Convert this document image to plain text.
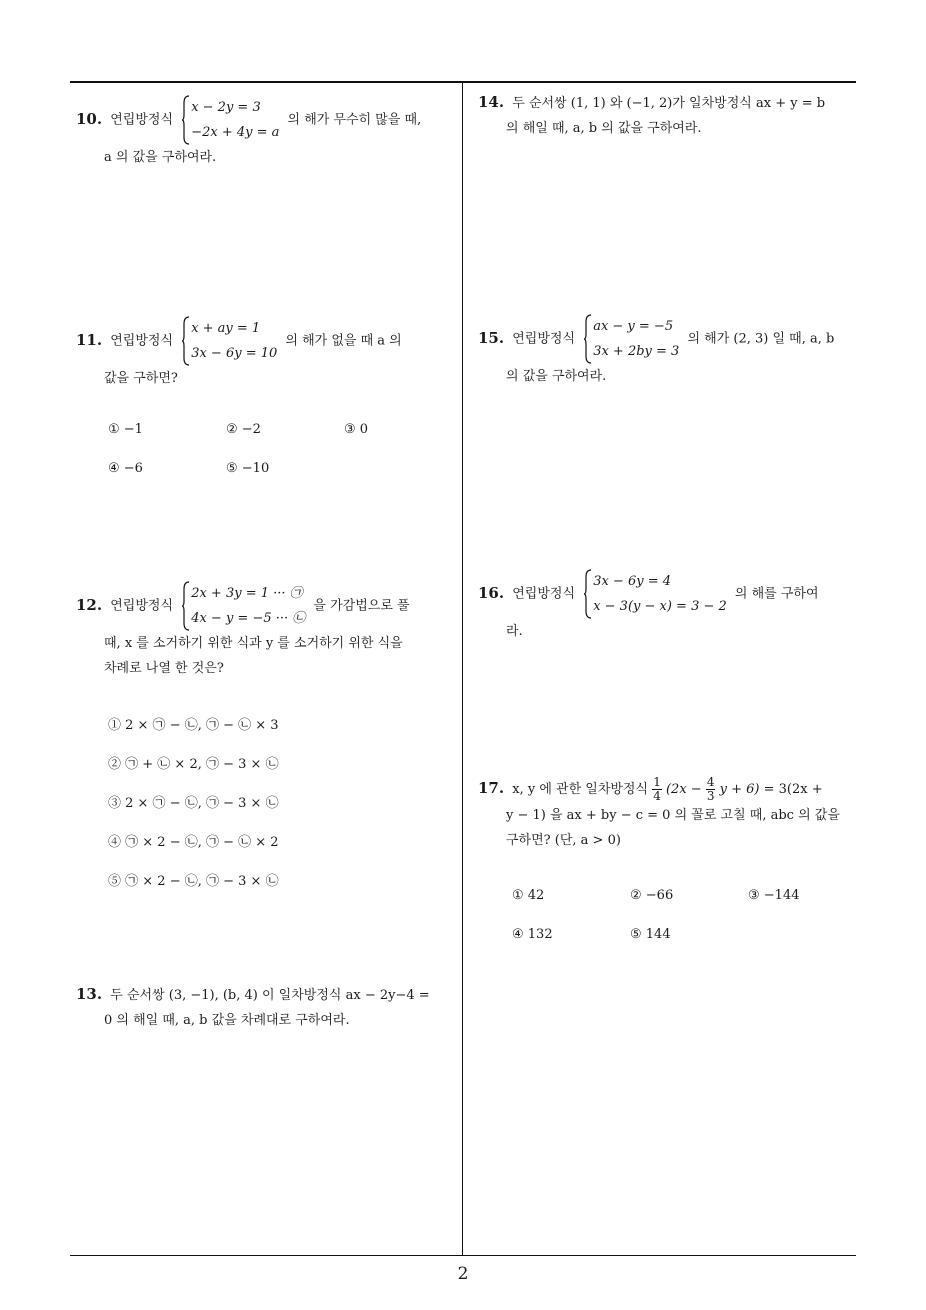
10. 연립방정식
x − 2y = 3
−2x + 4y = a
의 해가 무수히 많을 때,
a 의 값을 구하여라.
11. 연립방정식
x + ay = 1
3x − 6y = 10
의 해가 없을 때 a 의
값을 구하면?
① −1	② −2	③ 0
④ −6	⑤ −10
12. 연립방정식
2x + 3y = 1 ··· ㉠
4x − y = −5 ··· ㉡
을 가감법으로 풀
때, x 를 소거하기 위한 식과 y 를 소거하기 위한 식을
차례로 나열 한 것은?
① 2 × ㉠ − ㉡, ㉠ − ㉡ × 3
② ㉠ + ㉡ × 2, ㉠ − 3 × ㉡
③ 2 × ㉠ − ㉡, ㉠ − 3 × ㉡
④ ㉠ × 2 − ㉡, ㉠ − ㉡ × 2
⑤ ㉠ × 2 − ㉡, ㉠ − 3 × ㉡
13. 두 순서쌍 (3, −1), (b, 4) 이 일차방정식 ax − 2y−4 =
0 의 해일 때, a, b 값을 차례대로 구하여라.
14. 두 순서쌍 (1, 1) 와 (−1, 2)가 일차방정식 ax + y = b
의 해일 때, a, b 의 값을 구하여라.
15. 연립방정식
ax − y = −5
3x + 2by = 3
의 해가 (2, 3) 일 때, a, b
의 값을 구하여라.
16. 연립방정식
3x − 6y = 4
x − 3(y − x) = 3 − 2
의 해를 구하여
라.
17. x, y 에 관한 일차방정식 $\frac{1}{4} (2x - \frac{4}{3}$ y + 6) = 3(2x +
y − 1) 을 ax + by − c = 0 의 꼴로 고칠 때, abc 의 값을
구하면? (단, a > 0)
① 42	② −66	③ −144
④ 132	⑤ 144
2
